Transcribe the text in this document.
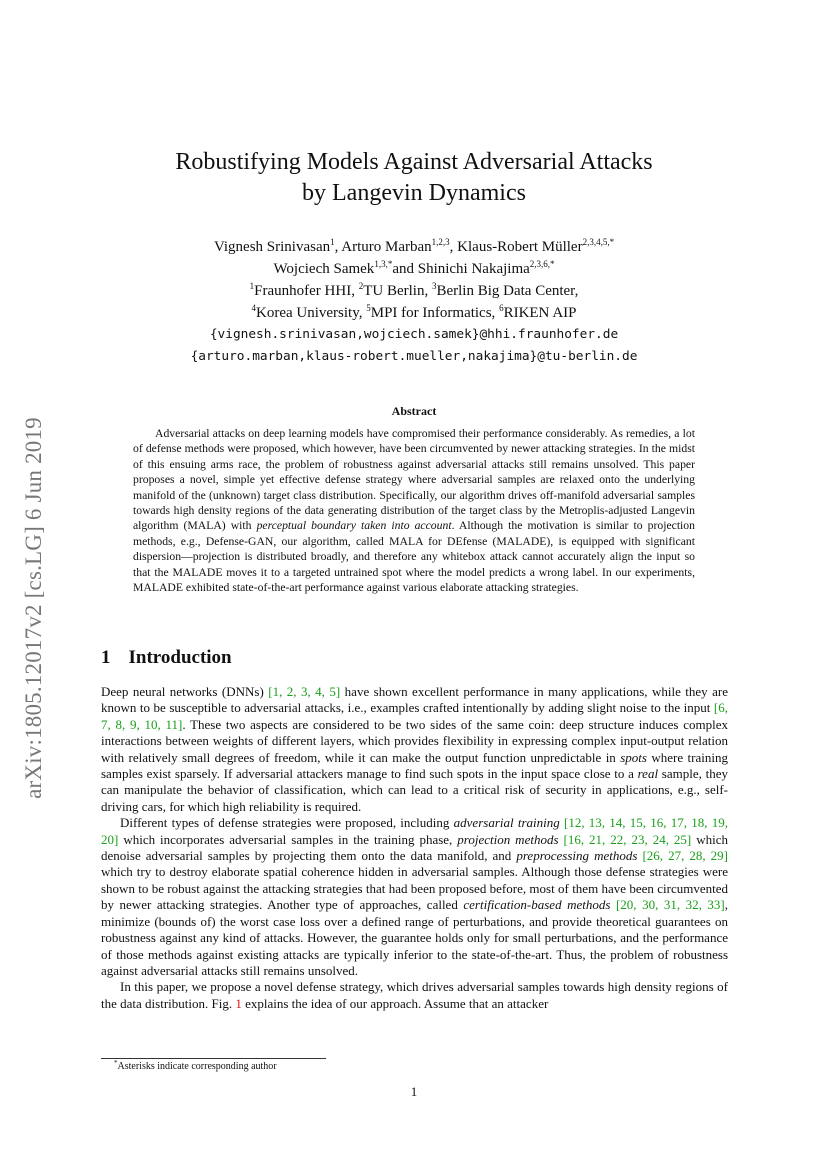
arXiv:1805.12017v2 [cs.LG] 6 Jun 2019
Robustifying Models Against Adversarial Attacks
by Langevin Dynamics
Vignesh Srinivasan$^1$, Arturo Marban$^{1,2,3}$, Klaus-Robert Müller$^{2,3,4,5,*}$
Wojciech Samek$^{1,3,*}$and Shinichi Nakajima$^{2,3,6,*}$
$^1$Fraunhofer HHI, $^2$TU Berlin, $^3$Berlin Big Data Center,
$^4$Korea University, $^5$MPI for Informatics, $^6$RIKEN AIP
{vignesh.srinivasan,wojciech.samek}@hhi.fraunhofer.de
{arturo.marban,klaus-robert.mueller,nakajima}@tu-berlin.de
Abstract
Adversarial attacks on deep learning models have compromised their performance considerably. As remedies, a lot of defense methods were proposed, which however, have been circumvented by newer attacking strategies. In the midst of this ensuing arms race, the problem of robustness against adversarial attacks still remains unsolved. This paper proposes a novel, simple yet effective defense strategy where adversarial samples are relaxed onto the underlying manifold of the (unknown) target class distribution. Specifically, our algorithm drives off-manifold adversarial samples towards high density regions of the data generating distribution of the target class by the Metroplis-adjusted Langevin algorithm (MALA) with perceptual boundary taken into account. Although the motivation is similar to projection methods, e.g., Defense-GAN, our algorithm, called MALA for DEfense (MALADE), is equipped with significant dispersion—projection is distributed broadly, and therefore any whitebox attack cannot accurately align the input so that the MALADE moves it to a targeted untrained spot where the model predicts a wrong label. In our experiments, MALADE exhibited state-of-the-art performance against various elaborate attacking strategies.
1 Introduction

Deep neural networks (DNNs) [1, 2, 3, 4, 5] have shown excellent performance in many applications, while they are known to be susceptible to adversarial attacks, i.e., examples crafted intentionally by adding slight noise to the input [6, 7, 8, 9, 10, 11]. These two aspects are considered to be two sides of the same coin: deep structure induces complex interactions between weights of different layers, which provides flexibility in expressing complex input-output relation with relatively small degrees of freedom, while it can make the output function unpredictable in spots where training samples exist sparsely. If adversarial attackers manage to find such spots in the input space close to a real sample, they can manipulate the behavior of classification, which can lead to a critical risk of security in applications, e.g., self-driving cars, for which high reliability is required.

Different types of defense strategies were proposed, including adversarial training [12, 13, 14, 15, 16, 17, 18, 19, 20] which incorporates adversarial samples in the training phase, projection methods [16, 21, 22, 23, 24, 25] which denoise adversarial samples by projecting them onto the data manifold, and preprocessing methods [26, 27, 28, 29] which try to destroy elaborate spatial coherence hidden in adversarial samples. Although those defense strategies were shown to be robust against the attacking strategies that had been proposed before, most of them have been circumvented by newer attacking strategies. Another type of approaches, called certification-based methods [20, 30, 31, 32, 33], minimize (bounds of) the worst case loss over a defined range of perturbations, and provide theoretical guarantees on robustness against any kind of attacks. However, the guarantee holds only for small perturbations, and the performance of those methods against existing attacks are typically inferior to the state-of-the-art. Thus, the problem of robustness against adversarial attacks still remains unsolved.

In this paper, we propose a novel defense strategy, which drives adversarial samples towards high density regions of the data distribution. Fig. 1 explains the idea of our approach. Assume that an attacker

*Asterisks indicate corresponding author
1
